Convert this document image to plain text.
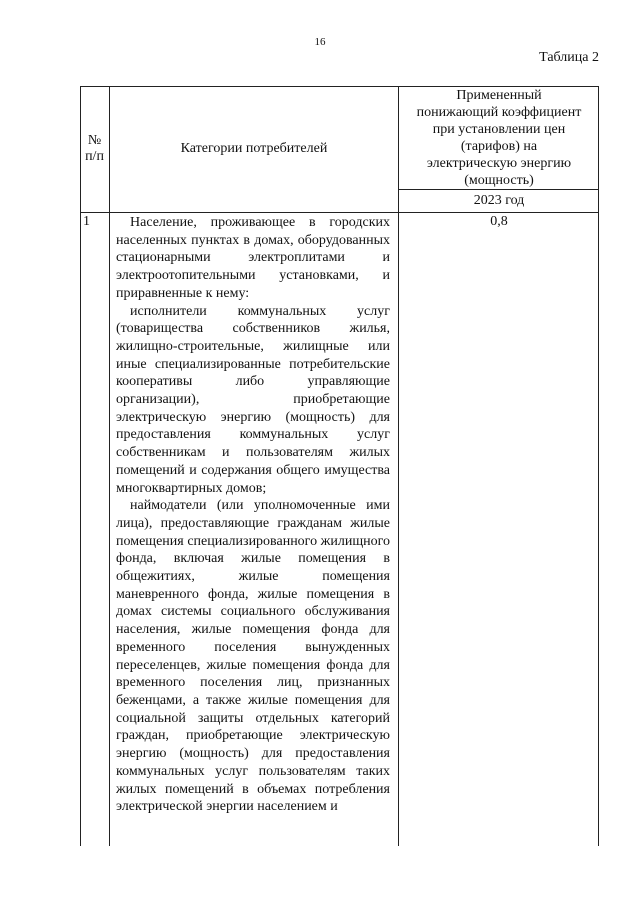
16
Таблица 2
№
п/п
Категории потребителей
Примененный
понижающий коэффициент
при установлении цен
(тарифов) на
электрическую энергию
(мощность)
2023 год
1	0,8

Население, проживающее в городских населенных пунктах в домах, оборудованных стационарными электроплитами и электроотопительными установками, и приравненные к нему:

исполнители коммунальных услуг (товарищества собственников жилья, жилищно-строительные, жилищные или иные специализированные потребительские кооперативы либо управляющие организации), приобретающие электрическую энергию (мощность) для предоставления коммунальных услуг собственникам и пользователям жилых помещений и содержания общего имущества многоквартирных домов;

наймодатели (или уполномоченные ими лица), предоставляющие гражданам жилые помещения специализированного жилищного фонда, включая жилые помещения в общежитиях, жилые помещения маневренного фонда, жилые помещения в домах системы социального обслуживания населения, жилые помещения фонда для временного поселения вынужденных переселенцев, жилые помещения фонда для временного поселения лиц, признанных беженцами, а также жилые помещения для социальной защиты отдельных категорий граждан, приобретающие электрическую энергию (мощность) для предоставления коммунальных услуг пользователям таких жилых помещений в объемах потребления электрической энергии населением и
